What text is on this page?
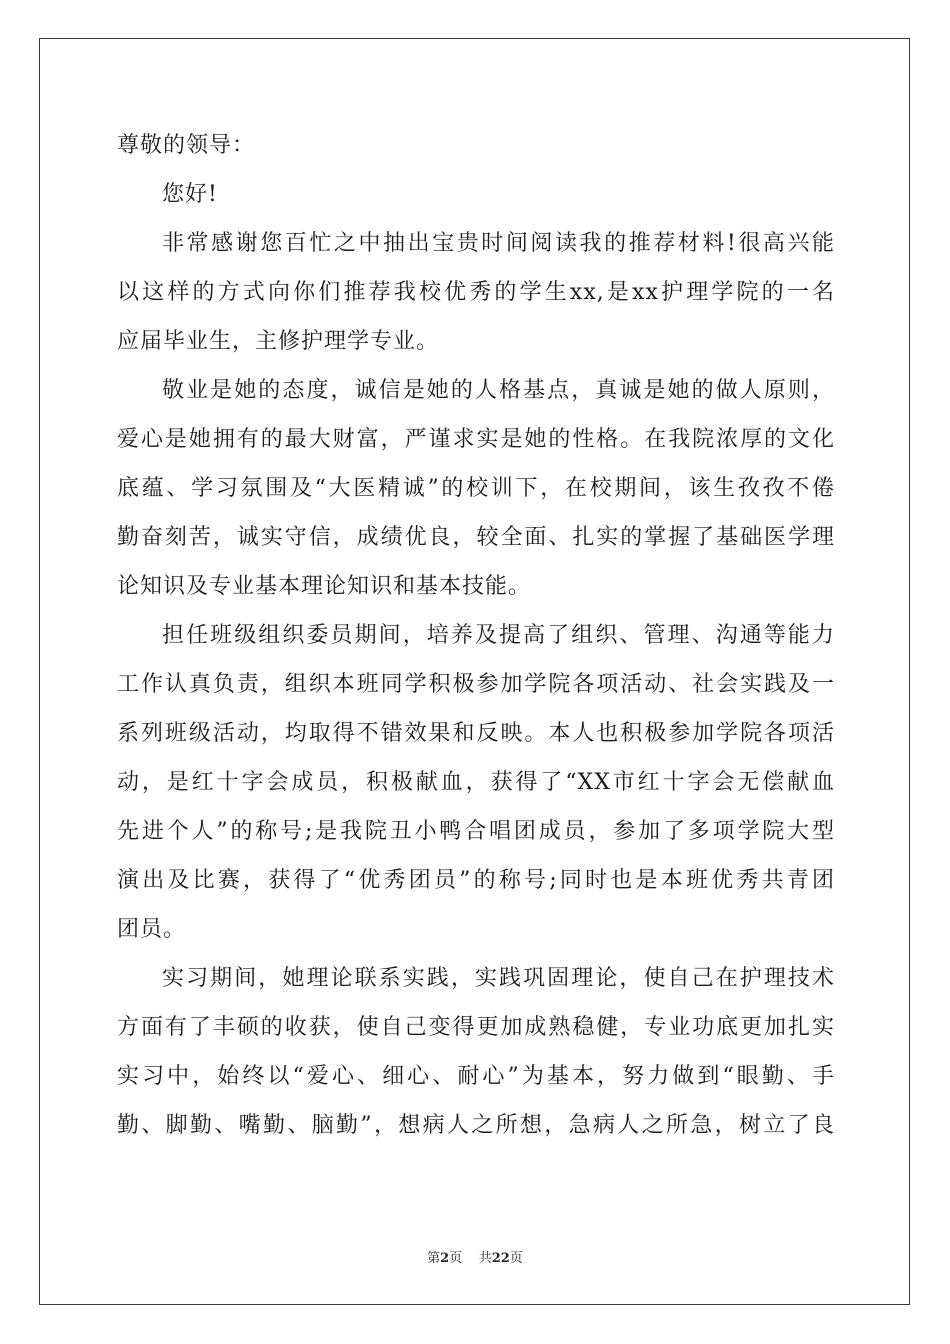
尊敬的领导：
您好!
非常感谢您百忙之中抽出宝贵时间阅读我的推荐材料!很高兴能
以这样的方式向你们推荐我校优秀的学生xx,是xx护理学院的一名
应届毕业生，主修护理学专业。
敬业是她的态度，诚信是她的人格基点，真诚是她的做人原则，
爱心是她拥有的最大财富，严谨求实是她的性格。在我院浓厚的文化
底蕴、学习氛围及“大医精诚”的校训下，在校期间，该生孜孜不倦
勤奋刻苦，诚实守信，成绩优良，较全面、扎实的掌握了基础医学理
论知识及专业基本理论知识和基本技能。
担任班级组织委员期间，培养及提高了组织、管理、沟通等能力
工作认真负责，组织本班同学积极参加学院各项活动、社会实践及一
系列班级活动，均取得不错效果和反映。本人也积极参加学院各项活
动，是红十字会成员，积极献血，获得了“XX市红十字会无偿献血
先进个人”的称号;是我院丑小鸭合唱团成员，参加了多项学院大型
演出及比赛，获得了“优秀团员”的称号;同时也是本班优秀共青团
团员。
实习期间，她理论联系实践，实践巩固理论，使自己在护理技术
方面有了丰硕的收获，使自己变得更加成熟稳健，专业功底更加扎实
实习中，始终以“爱心、细心、耐心”为基本，努力做到“眼勤、手
勤、脚勤、嘴勤、脑勤”，想病人之所想，急病人之所急，树立了良
第2页 共22页
